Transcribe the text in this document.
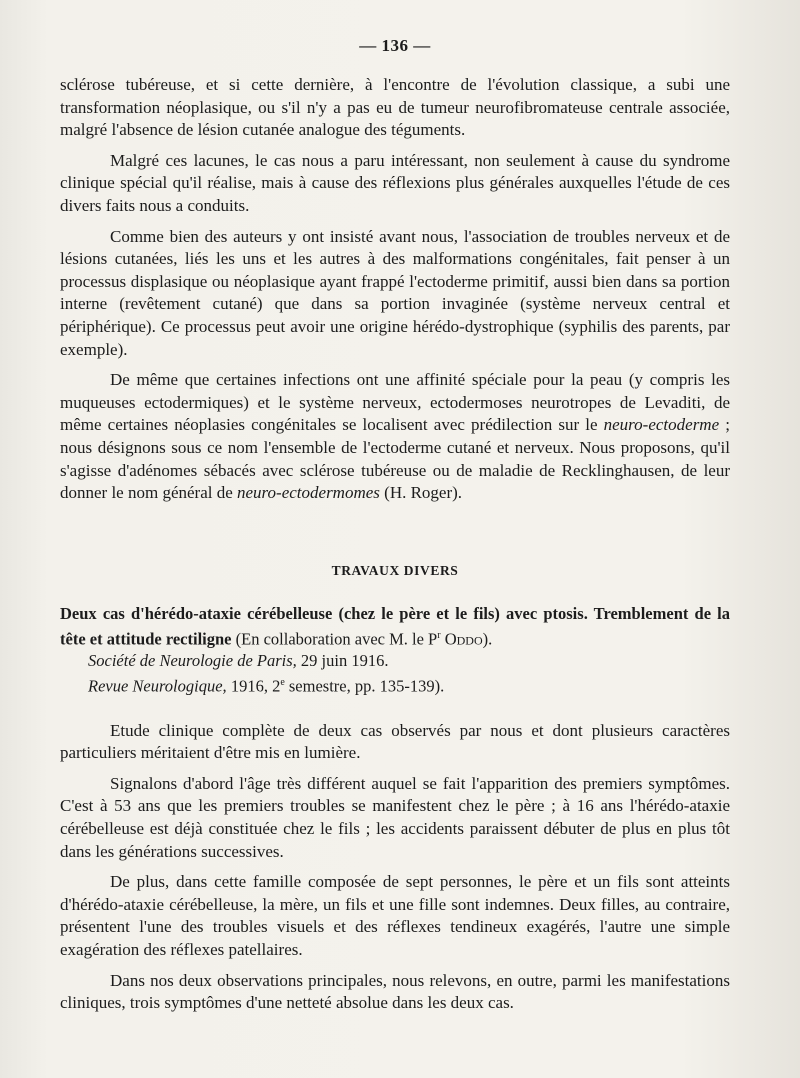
— 136 —

sclérose tubéreuse, et si cette dernière, à l'encontre de l'évolution classique, a subi une transformation néoplasique, ou s'il n'y a pas eu de tumeur neurofibromateuse centrale associée, malgré l'absence de lésion cutanée analogue des téguments.

Malgré ces lacunes, le cas nous a paru intéressant, non seulement à cause du syndrome clinique spécial qu'il réalise, mais à cause des réflexions plus générales auxquelles l'étude de ces divers faits nous a conduits.

Comme bien des auteurs y ont insisté avant nous, l'association de troubles nerveux et de lésions cutanées, liés les uns et les autres à des malformations congénitales, fait penser à un processus displasique ou néoplasique ayant frappé l'ectoderme primitif, aussi bien dans sa portion interne (revêtement cutané) que dans sa portion invaginée (système nerveux central et périphérique). Ce processus peut avoir une origine hérédo-dystrophique (syphilis des parents, par exemple).

De même que certaines infections ont une affinité spéciale pour la peau (y compris les muqueuses ectodermiques) et le système nerveux, ectodermoses neurotropes de Levaditi, de même certaines néoplasies congénitales se localisent avec prédilection sur le neuro-ectoderme ; nous désignons sous ce nom l'ensemble de l'ectoderme cutané et nerveux. Nous proposons, qu'il s'agisse d'adénomes sébacés avec sclérose tubéreuse ou de maladie de Recklinghausen, de leur donner le nom général de neuro-ectodermomes (H. Roger).

TRAVAUX DIVERS
Deux cas d'hérédo-ataxie cérébelleuse (chez le père et le fils) avec ptosis. Tremblement de la tête et attitude rectiligne (En collaboration avec M. le $P^r$ Oddo).
Société de Neurologie de Paris, 29 juin 1916.
Revue Neurologique, 1916, 2e semestre, pp. 135-139).

Etude clinique complète de deux cas observés par nous et dont plusieurs caractères particuliers méritaient d'être mis en lumière.

Signalons d'abord l'âge très différent auquel se fait l'apparition des premiers symptômes. C'est à 53 ans que les premiers troubles se manifestent chez le père ; à 16 ans l'hérédo-ataxie cérébelleuse est déjà constituée chez le fils ; les accidents paraissent débuter de plus en plus tôt dans les générations successives.

De plus, dans cette famille composée de sept personnes, le père et un fils sont atteints d'hérédo-ataxie cérébelleuse, la mère, un fils et une fille sont indemnes. Deux filles, au contraire, présentent l'une des troubles visuels et des réflexes tendineux exagérés, l'autre une simple exagération des réflexes patellaires.

Dans nos deux observations principales, nous relevons, en outre, parmi les manifestations cliniques, trois symptômes d'une netteté absolue dans les deux cas.
